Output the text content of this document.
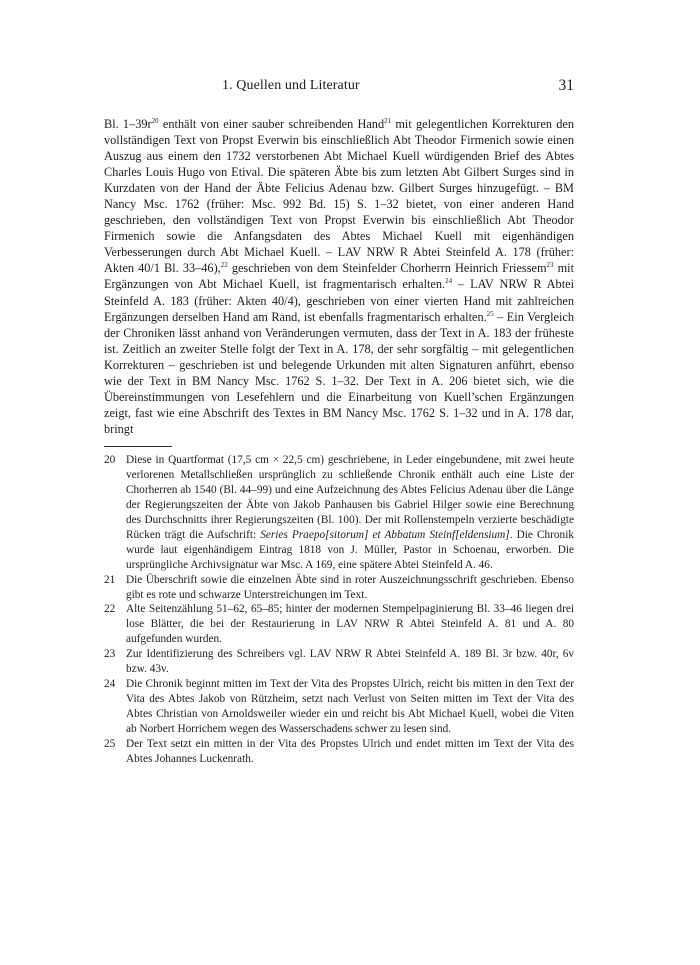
1. Quellen und Literatur	31

Bl. $1-39r^{20}$ enthält von einer sauber schreibenden Hand$^{21}$ mit gelegentlichen Korrekturen den vollständigen Text von Propst Everwin bis einschließlich Abt Theodor Firmenich sowie einen Auszug aus einem den 1732 verstorbenen Abt Michael Kuell würdigenden Brief des Abtes Charles Louis Hugo von Etival. Die späteren Äbte bis zum letzten Abt Gilbert Surges sind in Kurzdaten von der Hand der Äbte Felicius Adenau bzw. Gilbert Surges hinzugefügt. – BM Nancy Msc. 1762 (früher: Msc. 992 Bd. 15) S. 1–32 bietet, von einer anderen Hand geschrieben, den vollständigen Text von Propst Everwin bis einschließlich Abt Theodor Firmenich sowie die Anfangsdaten des Abtes Michael Kuell mit eigenhändigen Verbesserungen durch Abt Michael Kuell. – LAV NRW R Abtei Steinfeld A. 178 (früher: Akten 40/1 Bl. 33–46),$^{22}$ geschrieben von dem Steinfelder Chorherrn Heinrich Friessem$^{23}$ mit Ergänzungen von Abt Michael Kuell, ist fragmentarisch erhalten.$^{24}$ – LAV NRW R Abtei Steinfeld A. 183 (früher: Akten 40/4), geschrieben von einer vierten Hand mit zahlreichen Ergänzungen derselben Hand am Rand, ist ebenfalls fragmentarisch erhalten.$^{25}$ – Ein Vergleich der Chroniken lässt anhand von Veränderungen vermuten, dass der Text in A. 183 der früheste ist. Zeitlich an zweiter Stelle folgt der Text in A. 178, der sehr sorgfältig – mit gelegentlichen Korrekturen – geschrieben ist und belegende Urkunden mit alten Signaturen anführt, ebenso wie der Text in BM Nancy Msc. 1762 S. 1–32. Der Text in A. 206 bietet sich, wie die Übereinstimmungen von Lesefehlern und die Einarbeitung von Kuell’schen Ergänzungen zeigt, fast wie eine Abschrift des Textes in BM Nancy Msc. 1762 S. 1–32 und in A. 178 dar, bringt

20 Diese in Quartformat (17,5 cm × 22,5 cm) geschriebene, in Leder eingebundene, mit zwei heute verlorenen Metallschließen ursprünglich zu schließende Chronik enthält auch eine Liste der Chorherren ab 1540 (Bl. 44–99) und eine Aufzeichnung des Abtes Felicius Adenau über die Länge der Regierungszeiten der Äbte von Jakob Panhausen bis Gabriel Hilger sowie eine Berechnung des Durchschnitts ihrer Regierungszeiten (Bl. 100). Der mit Rollenstempeln verzierte beschädigte Rücken trägt die Aufschrift: Series Praepo[sitorum] et Abbatum Steinf[eldensium]. Die Chronik wurde laut eigenhändigem Eintrag 1818 von J. Müller, Pastor in Schoenau, erworben. Die ursprüngliche Archivsignatur war Msc. A 169, eine spätere Abtei Steinfeld A. 46.
21 Die Überschrift sowie die einzelnen Äbte sind in roter Auszeichnungsschrift geschrieben. Ebenso gibt es rote und schwarze Unterstreichungen im Text.
22 Alte Seitenzählung 51–62, 65–85; hinter der modernen Stempelpaginierung Bl. 33–46 liegen drei lose Blätter, die bei der Restaurierung in LAV NRW R Abtei Steinfeld A. 81 und A. 80 aufgefunden wurden.
23 Zur Identifizierung des Schreibers vgl. LAV NRW R Abtei Steinfeld A. 189 Bl. 3r bzw. 40r, 6v bzw. 43v.
24 Die Chronik beginnt mitten im Text der Vita des Propstes Ulrich, reicht bis mitten in den Text der Vita des Abtes Jakob von Rützheim, setzt nach Verlust von Seiten mitten im Text der Vita des Abtes Christian von Arnoldsweiler wieder ein und reicht bis Abt Michael Kuell, wobei die Viten ab Norbert Horrichem wegen des Wasserschadens schwer zu lesen sind.
25 Der Text setzt ein mitten in der Vita des Propstes Ulrich und endet mitten im Text der Vita des Abtes Johannes Luckenrath.
